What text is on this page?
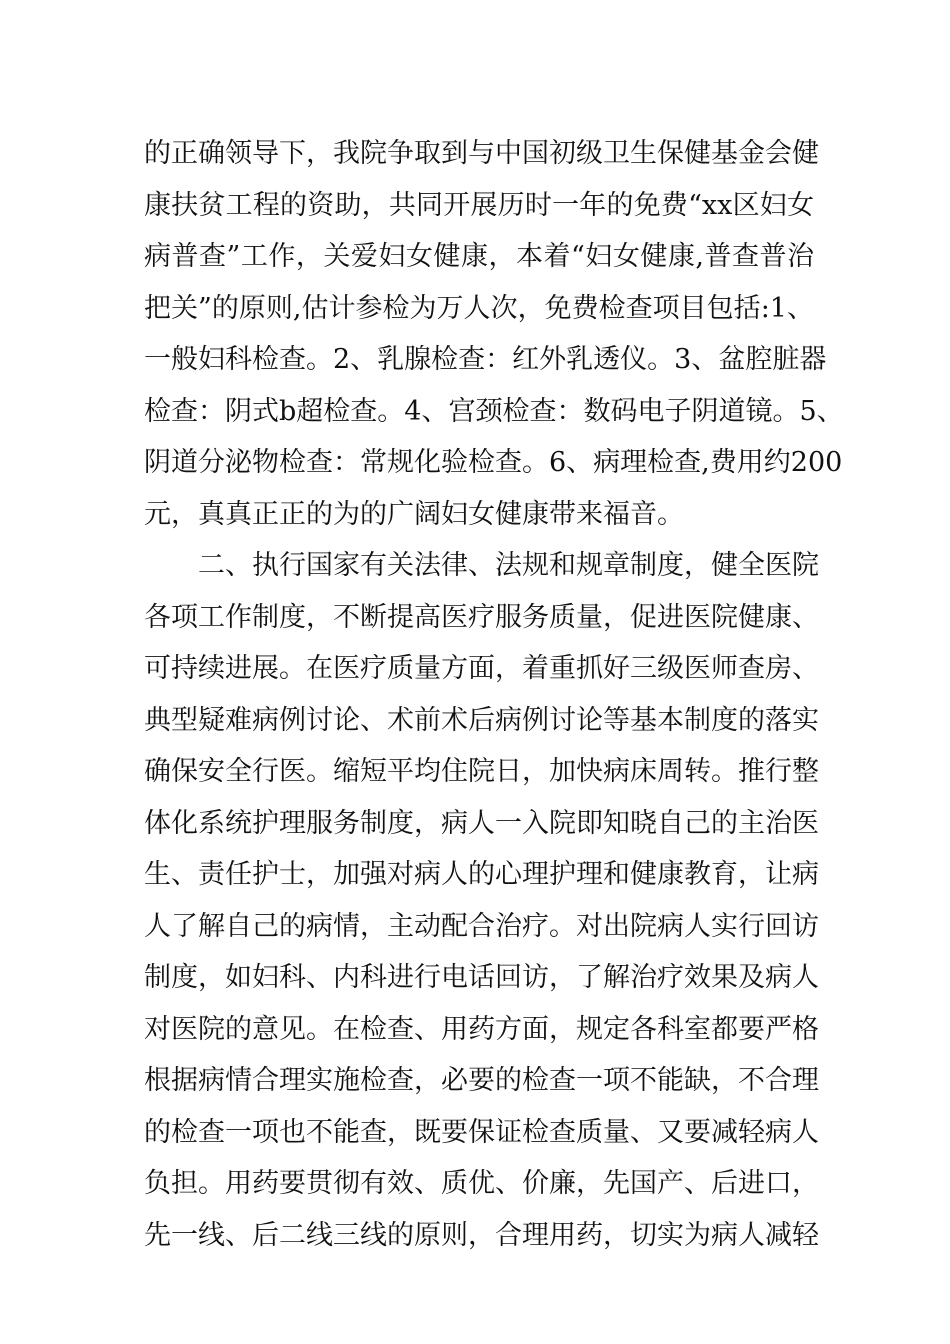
的正确领导下，我院争取到与中国初级卫生保健基金会健
康扶贫工程的资助，共同开展历时一年的免费“xx区妇女
病普查”工作，关爱妇女健康，本着“妇女健康,普查普治
把关”的原则,估计参检为万人次，免费检查项目包括:1、
一般妇科检查。2、乳腺检查：红外乳透仪。3、盆腔脏器
检查：阴式b超检查。4、宫颈检查：数码电子阴道镜。5、
阴道分泌物检查：常规化验检查。6、病理检查,费用约200
元，真真正正的为的广阔妇女健康带来福音。
二、执行国家有关法律、法规和规章制度，健全医院
各项工作制度，不断提高医疗服务质量，促进医院健康、
可持续进展。在医疗质量方面，着重抓好三级医师查房、
典型疑难病例讨论、术前术后病例讨论等基本制度的落实
确保安全行医。缩短平均住院日，加快病床周转。推行整
体化系统护理服务制度，病人一入院即知晓自己的主治医
生、责任护士，加强对病人的心理护理和健康教育，让病
人了解自己的病情，主动配合治疗。对出院病人实行回访
制度，如妇科、内科进行电话回访，了解治疗效果及病人
对医院的意见。在检查、用药方面，规定各科室都要严格
根据病情合理实施检查，必要的检查一项不能缺，不合理
的检查一项也不能查，既要保证检查质量、又要减轻病人
负担。用药要贯彻有效、质优、价廉，先国产、后进口，
先一线、后二线三线的原则，合理用药，切实为病人减轻
